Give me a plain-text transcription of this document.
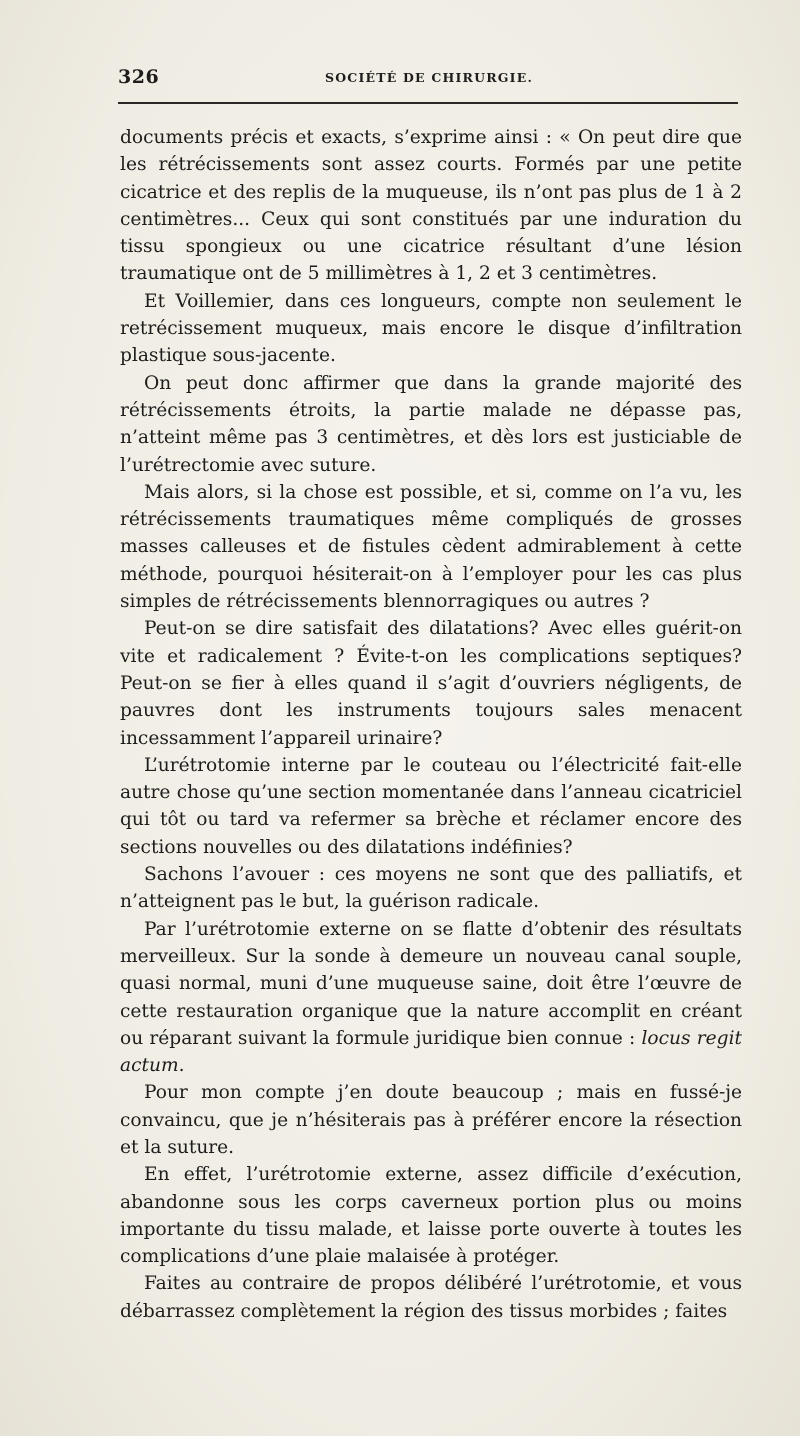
326	SOCIÉTÉ DE CHIRURGIE.

documents précis et exacts, s’exprime ainsi : « On peut dire que les rétrécissements sont assez courts. Formés par une petite cicatrice et des replis de la muqueuse, ils n’ont pas plus de 1 à 2 centimètres... Ceux qui sont constitués par une induration du tissu spongieux ou une cicatrice résultant d’une lésion traumatique ont de 5 millimètres à 1, 2 et 3 centimètres.

Et Voillemier, dans ces longueurs, compte non seulement le retrécissement muqueux, mais encore le disque d’infiltration plastique sous-jacente.

On peut donc affirmer que dans la grande majorité des rétrécissements étroits, la partie malade ne dépasse pas, n’atteint même pas 3 centimètres, et dès lors est justiciable de l’urétrectomie avec suture.

Mais alors, si la chose est possible, et si, comme on l’a vu, les rétrécissements traumatiques même compliqués de grosses masses calleuses et de fistules cèdent admirablement à cette méthode, pourquoi hésiterait-on à l’employer pour les cas plus simples de rétrécissements blennorragiques ou autres ?

Peut-on se dire satisfait des dilatations? Avec elles guérit-on vite et radicalement ? Évite-t-on les complications septiques? Peut-on se fier à elles quand il s’agit d’ouvriers négligents, de pauvres dont les instruments toujours sales menacent incessamment l’appareil urinaire?

L’urétrotomie interne par le couteau ou l’électricité fait-elle autre chose qu’une section momentanée dans l’anneau cicatriciel qui tôt ou tard va refermer sa brèche et réclamer encore des sections nouvelles ou des dilatations indéfinies?

Sachons l’avouer : ces moyens ne sont que des palliatifs, et n’atteignent pas le but, la guérison radicale.

Par l’urétrotomie externe on se flatte d’obtenir des résultats merveilleux. Sur la sonde à demeure un nouveau canal souple, quasi normal, muni d’une muqueuse saine, doit être l’œuvre de cette restauration organique que la nature accomplit en créant ou réparant suivant la formule juridique bien connue : locus regit actum.

Pour mon compte j’en doute beaucoup ; mais en fussé-je convaincu, que je n’hésiterais pas à préférer encore la résection et la suture.

En effet, l’urétrotomie externe, assez difficile d’exécution, abandonne sous les corps caverneux portion plus ou moins importante du tissu malade, et laisse porte ouverte à toutes les complications d’une plaie malaisée à protéger.

Faites au contraire de propos délibéré l’urétrotomie, et vous débarrassez complètement la région des tissus morbides ; faites
